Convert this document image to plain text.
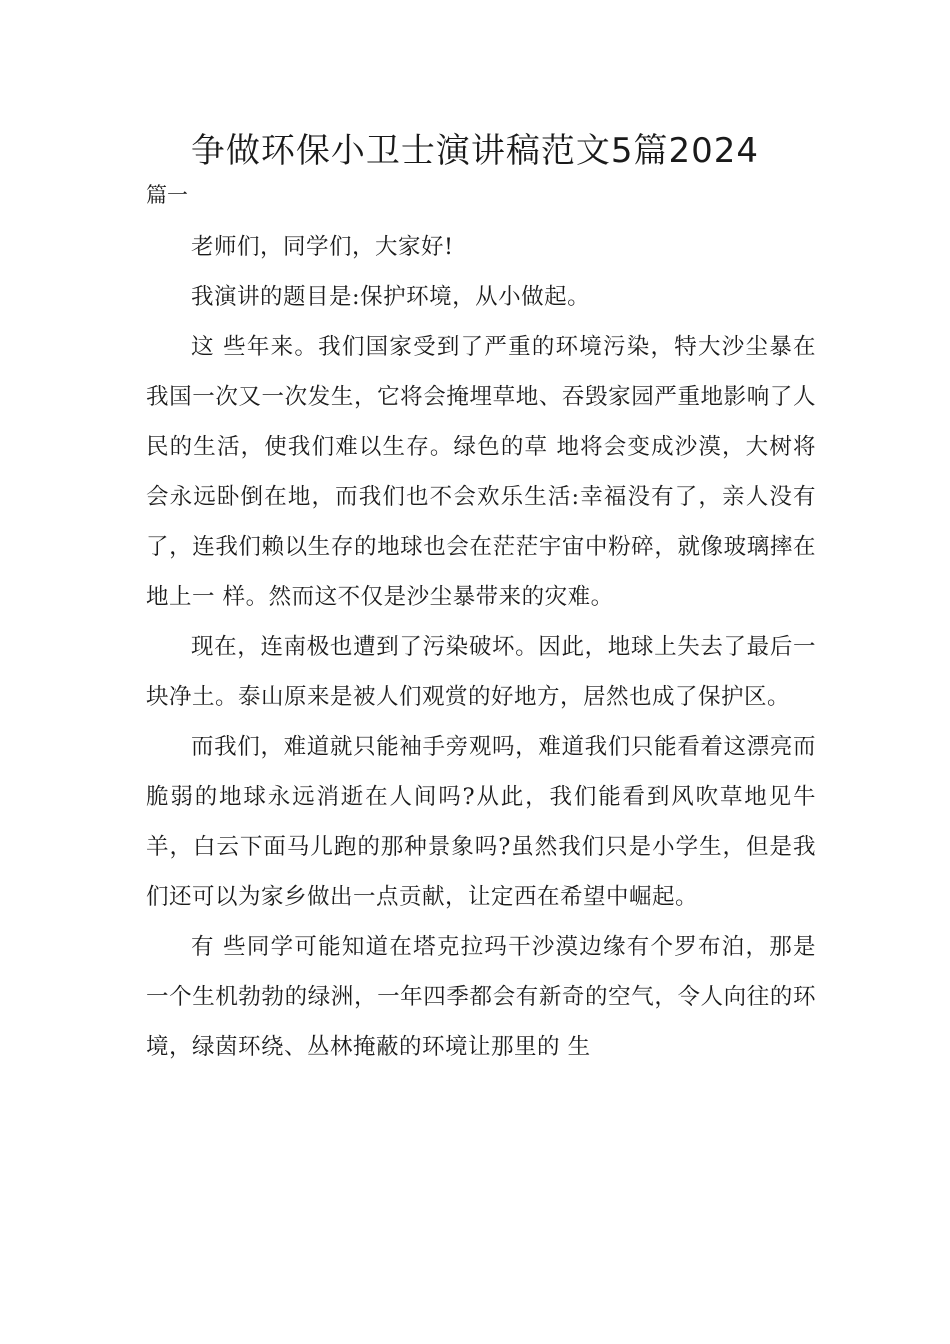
争做环保小卫士演讲稿范文5篇2024
篇一

老师们，同学们，大家好!

我演讲的题目是:保护环境，从小做起。

这 些年来。我们国家受到了严重的环境污染，特大沙尘暴在我国一次又一次发生，它将会掩埋草地、吞毁家园严重地影响了人民的生活，使我们难以生存。绿色的草 地将会变成沙漠，大树将会永远卧倒在地，而我们也不会欢乐生活:幸福没有了，亲人没有了，连我们赖以生存的地球也会在茫茫宇宙中粉碎，就像玻璃摔在地上一 样。然而这不仅是沙尘暴带来的灾难。

现在，连南极也遭到了污染破坏。因此，地球上失去了最后一块净土。泰山原来是被人们观赏的好地方，居然也成了保护区。

而我们，难道就只能袖手旁观吗，难道我们只能看着这漂亮而脆弱的地球永远消逝在人间吗?从此，我们能看到风吹草地见牛羊，白云下面马儿跑的那种景象吗?虽然我们只是小学生，但是我们还可以为家乡做出一点贡献，让定西在希望中崛起。

有 些同学可能知道在塔克拉玛干沙漠边缘有个罗布泊，那是一个生机勃勃的绿洲，一年四季都会有新奇的空气，令人向往的环境，绿茵环绕、丛林掩蔽的环境让那里的 生
